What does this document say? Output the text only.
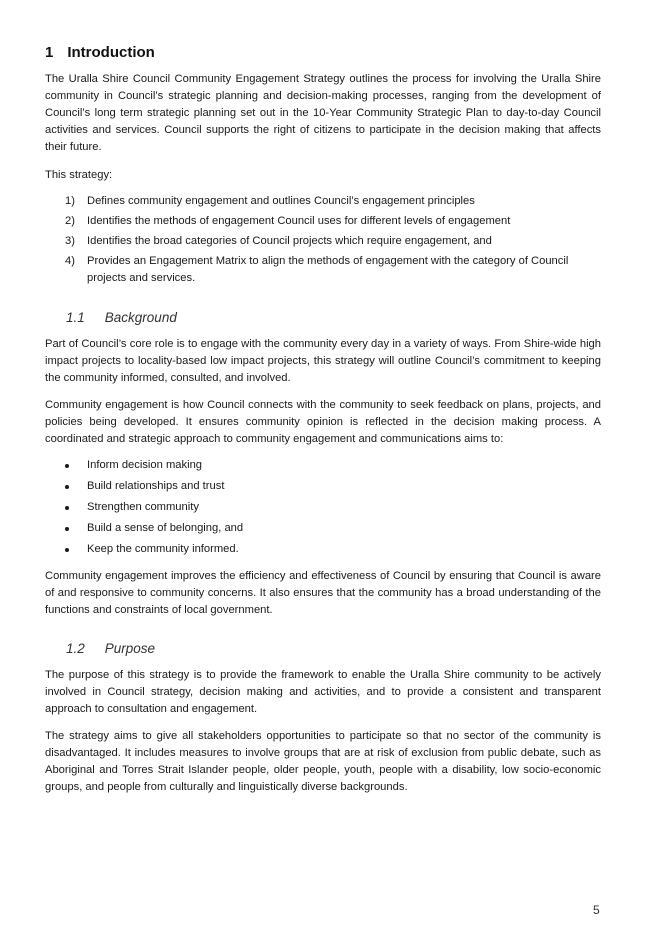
1 Introduction

The Uralla Shire Council Community Engagement Strategy outlines the process for involving the Uralla Shire community in Council’s strategic planning and decision-making processes, ranging from the development of Council’s long term strategic planning set out in the 10-Year Community Strategic Plan to day-to-day Council activities and services. Council supports the right of citizens to participate in the decision making that affects their future.

This strategy:

1) Defines community engagement and outlines Council’s engagement principles
2) Identifies the methods of engagement Council uses for different levels of engagement
3) Identifies the broad categories of Council projects which require engagement, and
4) Provides an Engagement Matrix to align the methods of engagement with the category of Council projects and services.
1.1 Background

Part of Council’s core role is to engage with the community every day in a variety of ways. From Shire-wide high impact projects to locality-based low impact projects, this strategy will outline Council’s commitment to keeping the community informed, consulted, and involved.

Community engagement is how Council connects with the community to seek feedback on plans, projects, and policies being developed. It ensures community opinion is reflected in the decision making process. A coordinated and strategic approach to community engagement and communications aims to:

Inform decision making
Build relationships and trust
Strengthen community
Build a sense of belonging, and
Keep the community informed.

Community engagement improves the efficiency and effectiveness of Council by ensuring that Council is aware of and responsive to community concerns. It also ensures that the community has a broad understanding of the functions and constraints of local government.

1.2 Purpose

The purpose of this strategy is to provide the framework to enable the Uralla Shire community to be actively involved in Council strategy, decision making and activities, and to provide a consistent and transparent approach to consultation and engagement.

The strategy aims to give all stakeholders opportunities to participate so that no sector of the community is disadvantaged. It includes measures to involve groups that are at risk of exclusion from public debate, such as Aboriginal and Torres Strait Islander people, older people, youth, people with a disability, low socio-economic groups, and people from culturally and linguistically diverse backgrounds.

5
